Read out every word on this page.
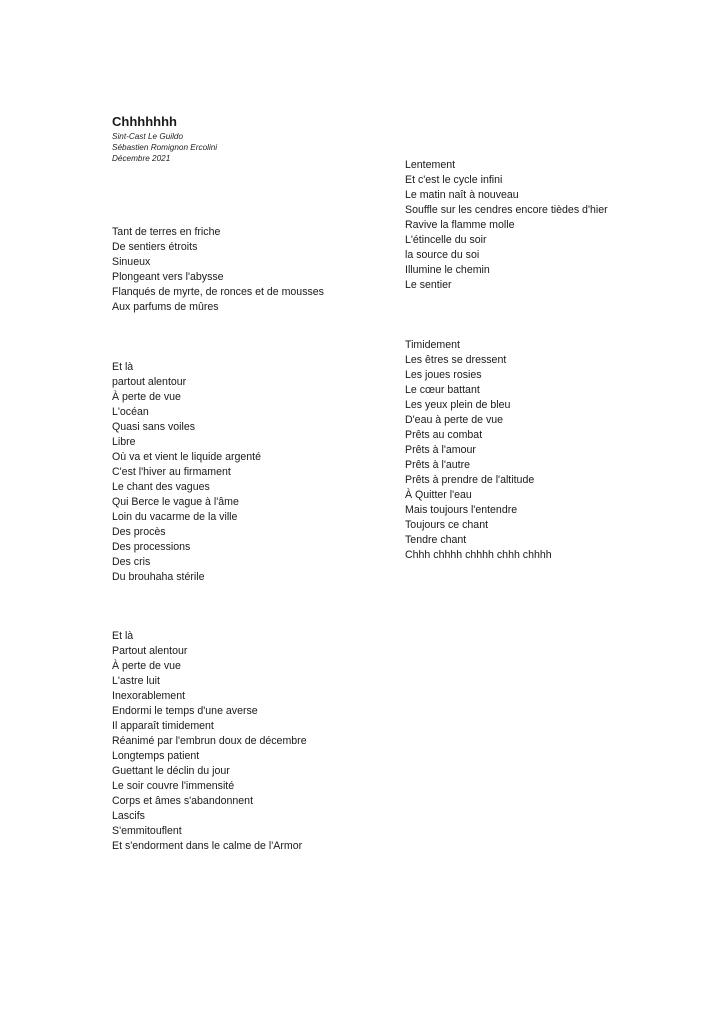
Chhhhhhh
Sint-Cast Le Guildo
Sébastien Romignon Ercolini
Décembre 2021
Tant de terres en friche
De sentiers étroits
Sinueux
Plongeant vers l'abysse
Flanqués de myrte, de ronces et de mousses
Aux parfums de mûres
Et là
partout alentour
À perte de vue
L'océan
Quasi sans voiles
Libre
Où va et vient le liquide argenté
C'est l'hiver au firmament
Le chant des vagues
Qui Berce le vague à l'âme
Loin du vacarme de la ville
Des procès
Des processions
Des cris
Du brouhaha stérile
Et là
Partout alentour
À perte de vue
L'astre luit
Inexorablement
Endormi le temps d'une averse
Il apparaît timidement
Réanimé par l'embrun doux de décembre
Longtemps patient
Guettant le déclin du jour
Le soir couvre l'immensité
Corps et âmes s'abandonnent
Lascifs
S'emmitouflent
Et s'endorment dans le calme de l'Armor
Lentement
Et c'est le cycle infini
Le matin naît à nouveau
Souffle sur les cendres encore tièdes d'hier
Ravive la flamme molle
L'étincelle du soir
la source du soi
Illumine le chemin
Le sentier
Timidement
Les êtres se dressent
Les joues rosies
Le cœur battant
Les yeux plein de bleu
D'eau à perte de vue
Prêts au combat
Prêts à l'amour
Prêts à l'autre
Prêts à prendre de l'altitude
À Quitter l'eau
Mais toujours l'entendre
Toujours ce chant
Tendre chant
Chhh chhhh chhhh chhh chhhh
